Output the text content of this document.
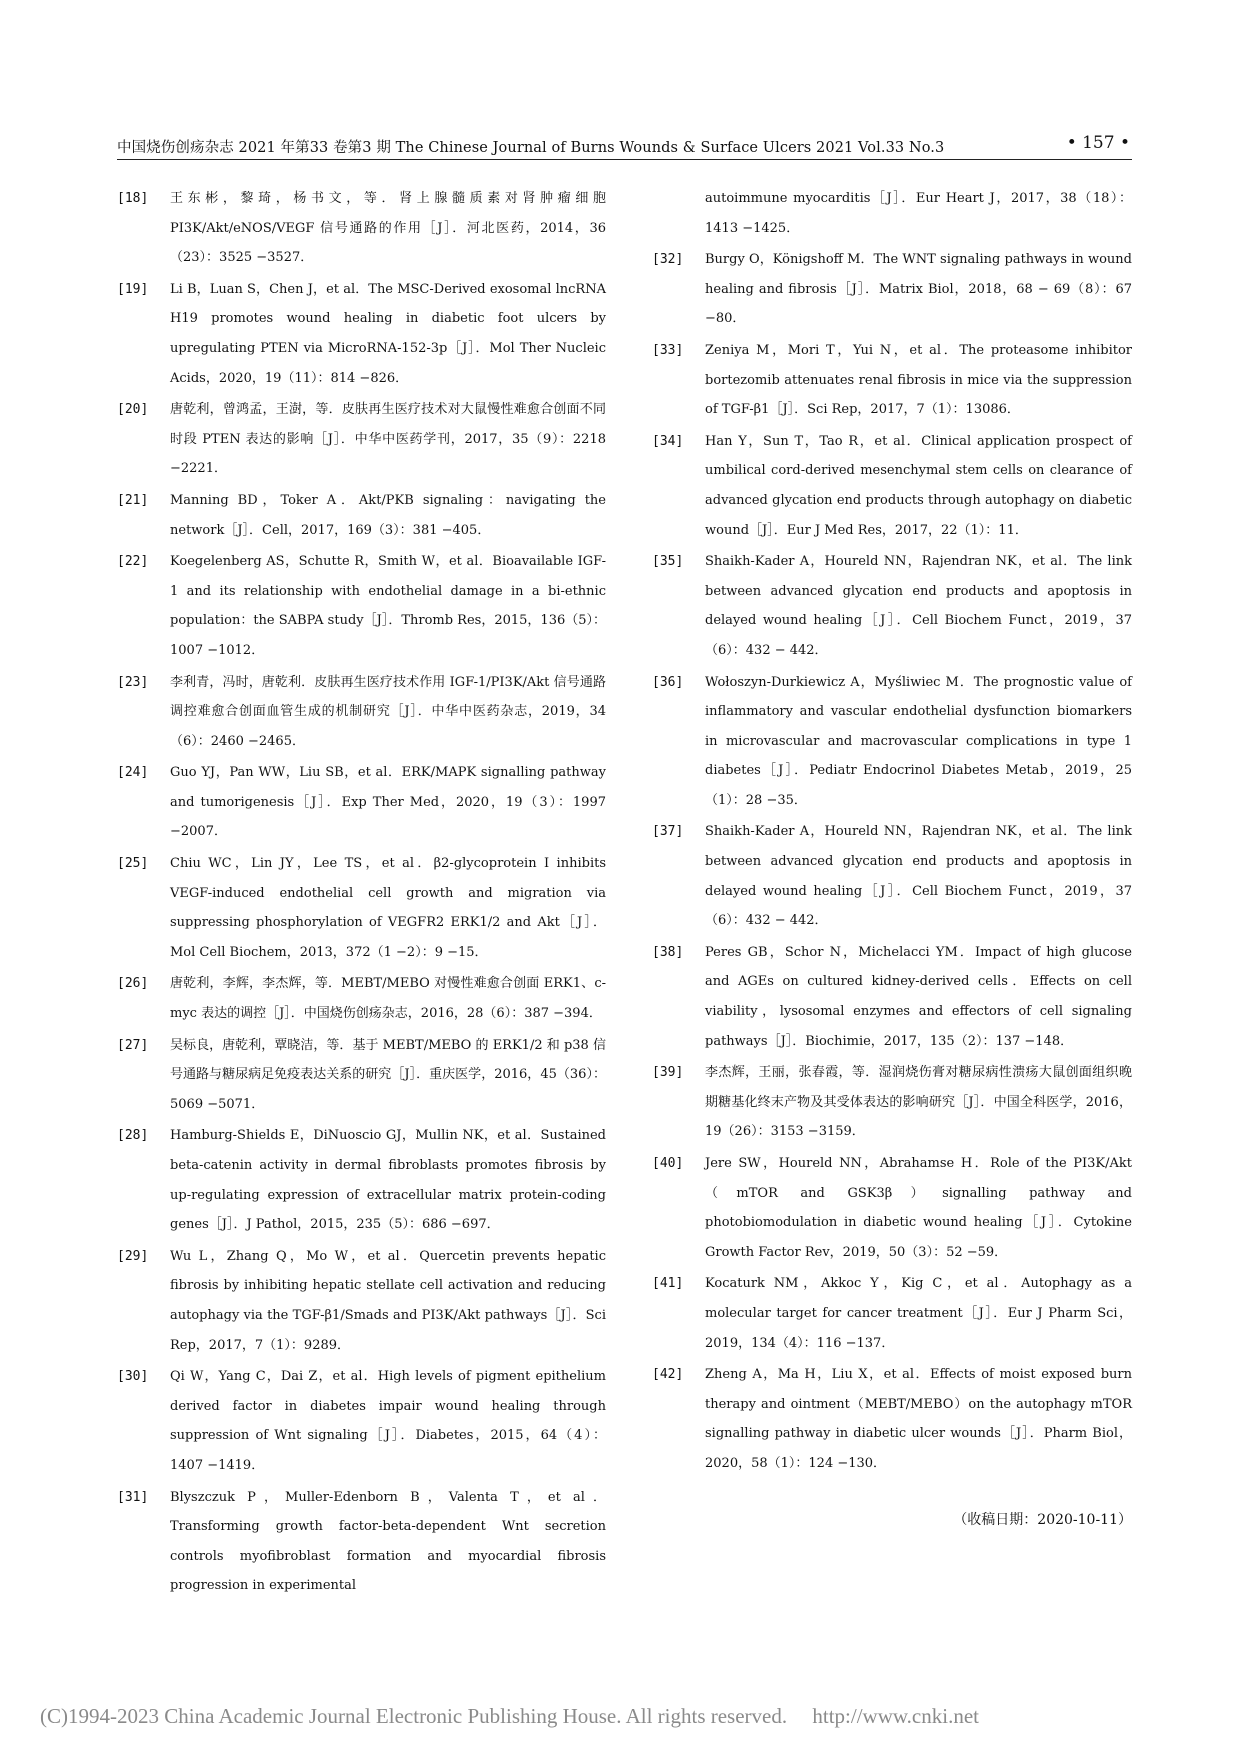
中国烧伤创疡杂志 2021 年第33 卷第3 期 The Chinese Journal of Burns Wounds & Surface Ulcers 2021 Vol.33 No.3	• 157 •
[18]	王东彬，黎琦，杨书文，等．肾上腺髓质素对肾肿瘤细胞 PI3K/Akt/eNOS/VEGF 信号通路的作用［J］．河北医药，2014，36（23）：3525 −3527．
[19]	Li B，Luan S，Chen J，et al．The MSC-Derived exosomal lncRNA H19 promotes wound healing in diabetic foot ulcers by upregulating PTEN via MicroRNA-152-3p［J］．Mol Ther Nucleic Acids，2020，19（11）：814 −826．
[20]	唐乾利，曾鸿孟，王澍，等．皮肤再生医疗技术对大鼠慢性难愈合创面不同时段 PTEN 表达的影响［J］．中华中医药学刊，2017，35（9）：2218 −2221．
[21]	Manning BD，Toker A．Akt/PKB signaling：navigating the network［J］．Cell，2017，169（3）：381 −405．
[22]	Koegelenberg AS，Schutte R，Smith W，et al．Bioavailable IGF-1 and its relationship with endothelial damage in a bi-ethnic population：the SABPA study［J］．Thromb Res，2015，136（5）：1007 −1012．
[23]	李利青，冯时，唐乾利．皮肤再生医疗技术作用 IGF-1/PI3K/Akt 信号通路调控难愈合创面血管生成的机制研究［J］．中华中医药杂志，2019，34（6）：2460 −2465．
[24]	Guo YJ，Pan WW，Liu SB，et al．ERK/MAPK signalling pathway and tumorigenesis［J］．Exp Ther Med，2020，19（3）：1997 −2007．
[25]	Chiu WC，Lin JY，Lee TS，et al．β2-glycoprotein I inhibits VEGF-induced endothelial cell growth and migration via suppressing phosphorylation of VEGFR2 ERK1/2 and Akt［J］．Mol Cell Biochem，2013，372（1 −2）：9 −15．
[26]	唐乾利，李辉，李杰辉，等．MEBT/MEBO 对慢性难愈合创面 ERK1、c-myc 表达的调控［J］．中国烧伤创疡杂志，2016，28（6）：387 −394．
[27]	吴标良，唐乾利，覃晓洁，等．基于 MEBT/MEBO 的 ERK1/2 和 p38 信号通路与糖尿病足免疫表达关系的研究［J］．重庆医学，2016，45（36）：5069 −5071．
[28]	Hamburg-Shields E，DiNuoscio GJ，Mullin NK，et al．Sustained beta-catenin activity in dermal fibroblasts promotes fibrosis by up-regulating expression of extracellular matrix protein-coding genes［J］．J Pathol，2015，235（5）：686 −697．
[29]	Wu L，Zhang Q，Mo W，et al．Quercetin prevents hepatic fibrosis by inhibiting hepatic stellate cell activation and reducing autophagy via the TGF-β1/Smads and PI3K/Akt pathways［J］．Sci Rep，2017，7（1）：9289．
[30]	Qi W，Yang C，Dai Z，et al．High levels of pigment epithelium derived factor in diabetes impair wound healing through suppression of Wnt signaling［J］．Diabetes，2015，64（4）：1407 −1419．
[31]	Blyszczuk P，Muller-Edenborn B，Valenta T，et al．Transforming growth factor-beta-dependent Wnt secretion controls myofibroblast formation and myocardial fibrosis progression in experimental
autoimmune myocarditis［J］．Eur Heart J，2017，38（18）：1413 −1425．
[32]	Burgy O，Königshoff M．The WNT signaling pathways in wound healing and fibrosis［J］．Matrix Biol，2018，68 − 69（8）：67 −80．
[33]	Zeniya M，Mori T，Yui N，et al．The proteasome inhibitor bortezomib attenuates renal fibrosis in mice via the suppression of TGF-β1［J］．Sci Rep，2017，7（1）：13086．
[34]	Han Y，Sun T，Tao R，et al．Clinical application prospect of umbilical cord-derived mesenchymal stem cells on clearance of advanced glycation end products through autophagy on diabetic wound［J］．Eur J Med Res，2017，22（1）：11．
[35]	Shaikh-Kader A，Houreld NN，Rajendran NK，et al．The link between advanced glycation end products and apoptosis in delayed wound healing［J］．Cell Biochem Funct，2019，37（6）：432 − 442．
[36]	Wołoszyn-Durkiewicz A，Myśliwiec M．The prognostic value of inflammatory and vascular endothelial dysfunction biomarkers in microvascular and macrovascular complications in type 1 diabetes［J］．Pediatr Endocrinol Diabetes Metab，2019，25（1）：28 −35．
[37]	Shaikh-Kader A，Houreld NN，Rajendran NK，et al．The link between advanced glycation end products and apoptosis in delayed wound healing［J］．Cell Biochem Funct，2019，37（6）：432 − 442．
[38]	Peres GB，Schor N，Michelacci YM．Impact of high glucose and AGEs on cultured kidney-derived cells．Effects on cell viability，lysosomal enzymes and effectors of cell signaling pathways［J］．Biochimie，2017，135（2）：137 −148．
[39]	李杰辉，王丽，张春霞，等．湿润烧伤膏对糖尿病性溃疡大鼠创面组织晚期糖基化终末产物及其受体表达的影响研究［J］．中国全科医学，2016，19（26）：3153 −3159．
[40]	Jere SW，Houreld NN，Abrahamse H．Role of the PI3K/Akt（mTOR and GSK3β）signalling pathway and photobiomodulation in diabetic wound healing［J］．Cytokine Growth Factor Rev，2019，50（3）：52 −59．
[41]	Kocaturk NM，Akkoc Y，Kig C，et al．Autophagy as a molecular target for cancer treatment［J］．Eur J Pharm Sci，2019，134（4）：116 −137．
[42]	Zheng A，Ma H，Liu X，et al．Effects of moist exposed burn therapy and ointment（MEBT/MEBO）on the autophagy mTOR signalling pathway in diabetic ulcer wounds［J］．Pharm Biol，2020，58（1）：124 −130．
（收稿日期：2020-10-11）
(C)1994-2023 China Academic Journal Electronic Publishing House. All rights reserved. http://www.cnki.net
